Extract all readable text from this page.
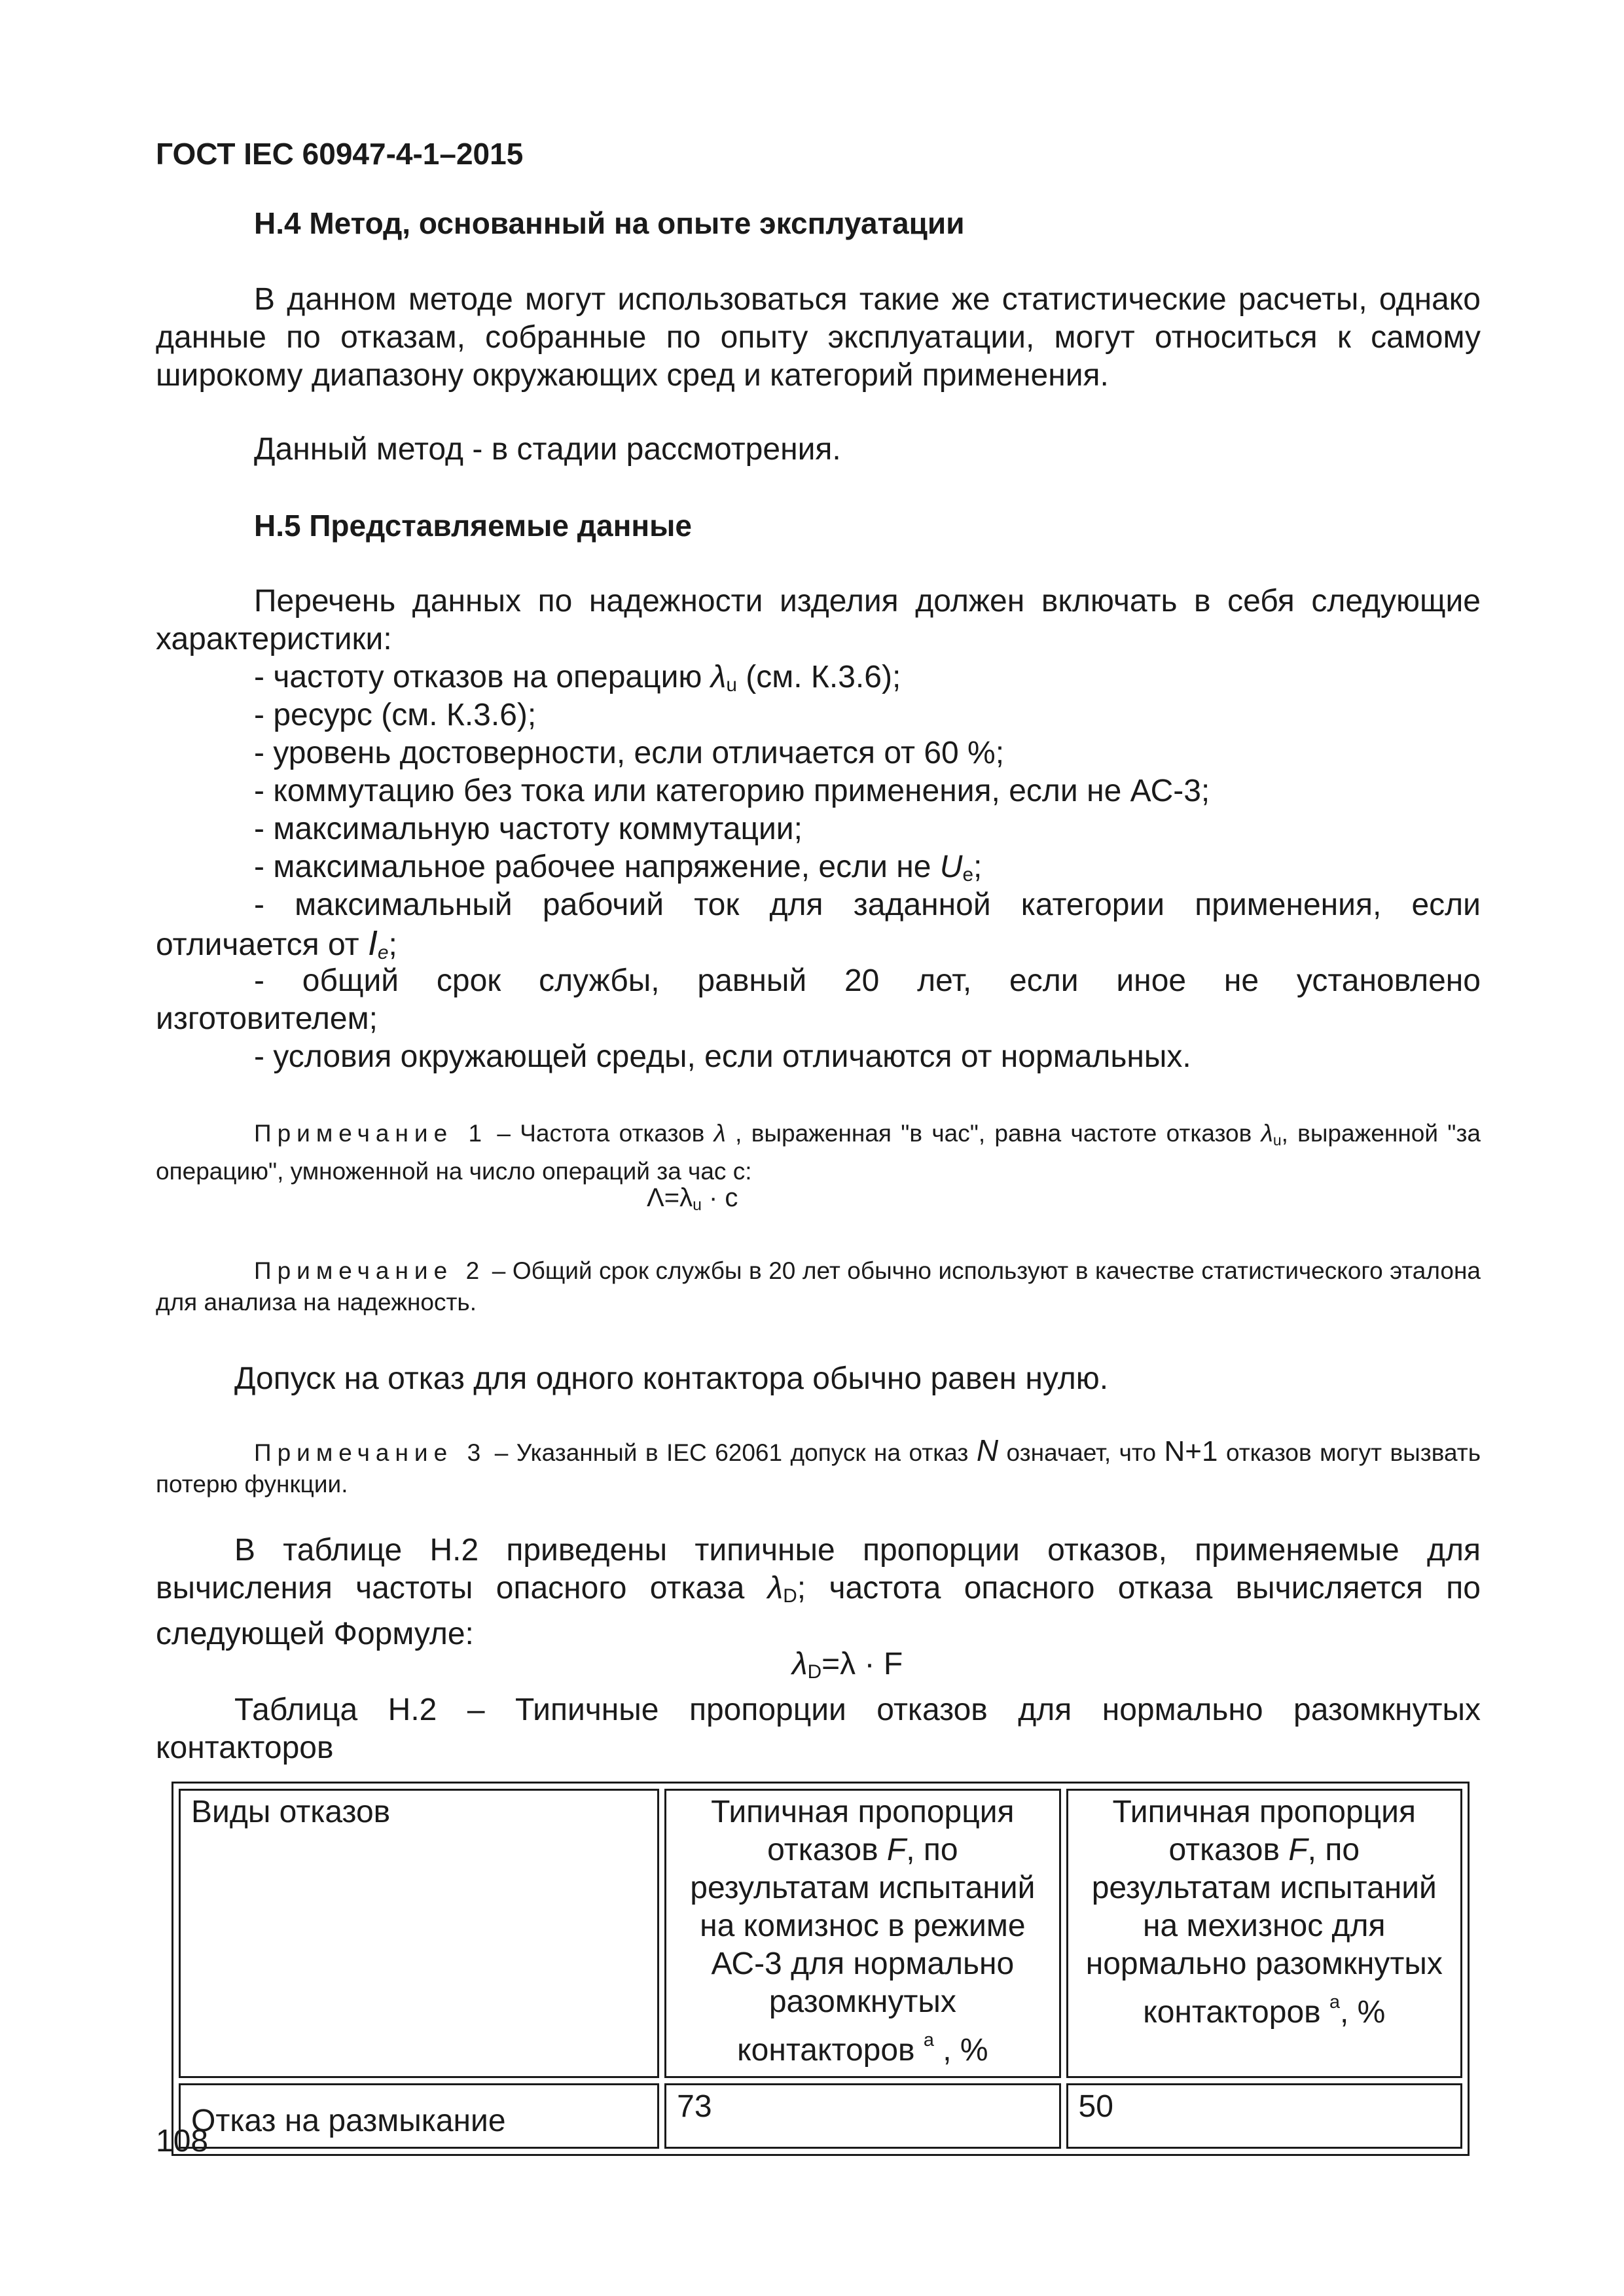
ГОСТ IEC 60947-4-1–2015
Н.4 Метод, основанный на опыте эксплуатации
В данном методе могут использоваться такие же статистические расчеты, однако данные по отказам, собранные по опыту эксплуатации, могут относиться к самому широкому диапазону окружающих сред и категорий применения.
Данный метод - в стадии рассмотрения.
Н.5 Представляемые данные
Перечень данных по надежности изделия должен включать в себя следующие характеристики:
- частоту отказов на операцию $\lambda_u$ (см. К.3.6);
- ресурс (см. К.3.6);
- уровень достоверности, если отличается от 60 %;
- коммутацию без тока или категорию применения, если не АС-3;
- максимальную частоту коммутации;
- максимальное рабочее напряжение, если не $U_e$;
- максимальный рабочий ток для заданной категории применения, если
отличается от $I_e$;
- общий срок службы, равный 20 лет, если иное не установлено
изготовителем;
- условия окружающей среды, если отличаются от нормальных.
Примечание 1 – Частота отказов λ , выраженная "в час", равна частоте отказов $\lambda_u$, выраженной "за операцию", умноженной на число операций за час c:
$\Lambda=\lambda_u \cdot c$
Примечание 2 – Общий срок службы в 20 лет обычно используют в качестве статистического эталона для анализа на надежность.
Допуск на отказ для одного контактора обычно равен нулю.
Примечание 3 – Указанный в IEC 62061 допуск на отказ N означает, что N+1 отказов могут вызвать потерю функции.
В таблице Н.2 приведены типичные пропорции отказов, применяемые для вычисления частоты опасного отказа $\lambda_D$; частота опасного отказа вычисляется по следующей Формуле:
$\lambda_D=\lambda \cdot F$
Таблица Н.2 – Типичные пропорции отказов для нормально разомкнутых контакторов
Виды отказов	Типичная пропорция отказов F, по результатам испытаний на комизнос в режиме АС-3 для нормально разомкнутых контакторов $^a$ , %	Типичная пропорция отказов F, по результатам испытаний на мехизнос для нормально разомкнутых контакторов $^a$, %
Отказ на размыкание	73	50
108
